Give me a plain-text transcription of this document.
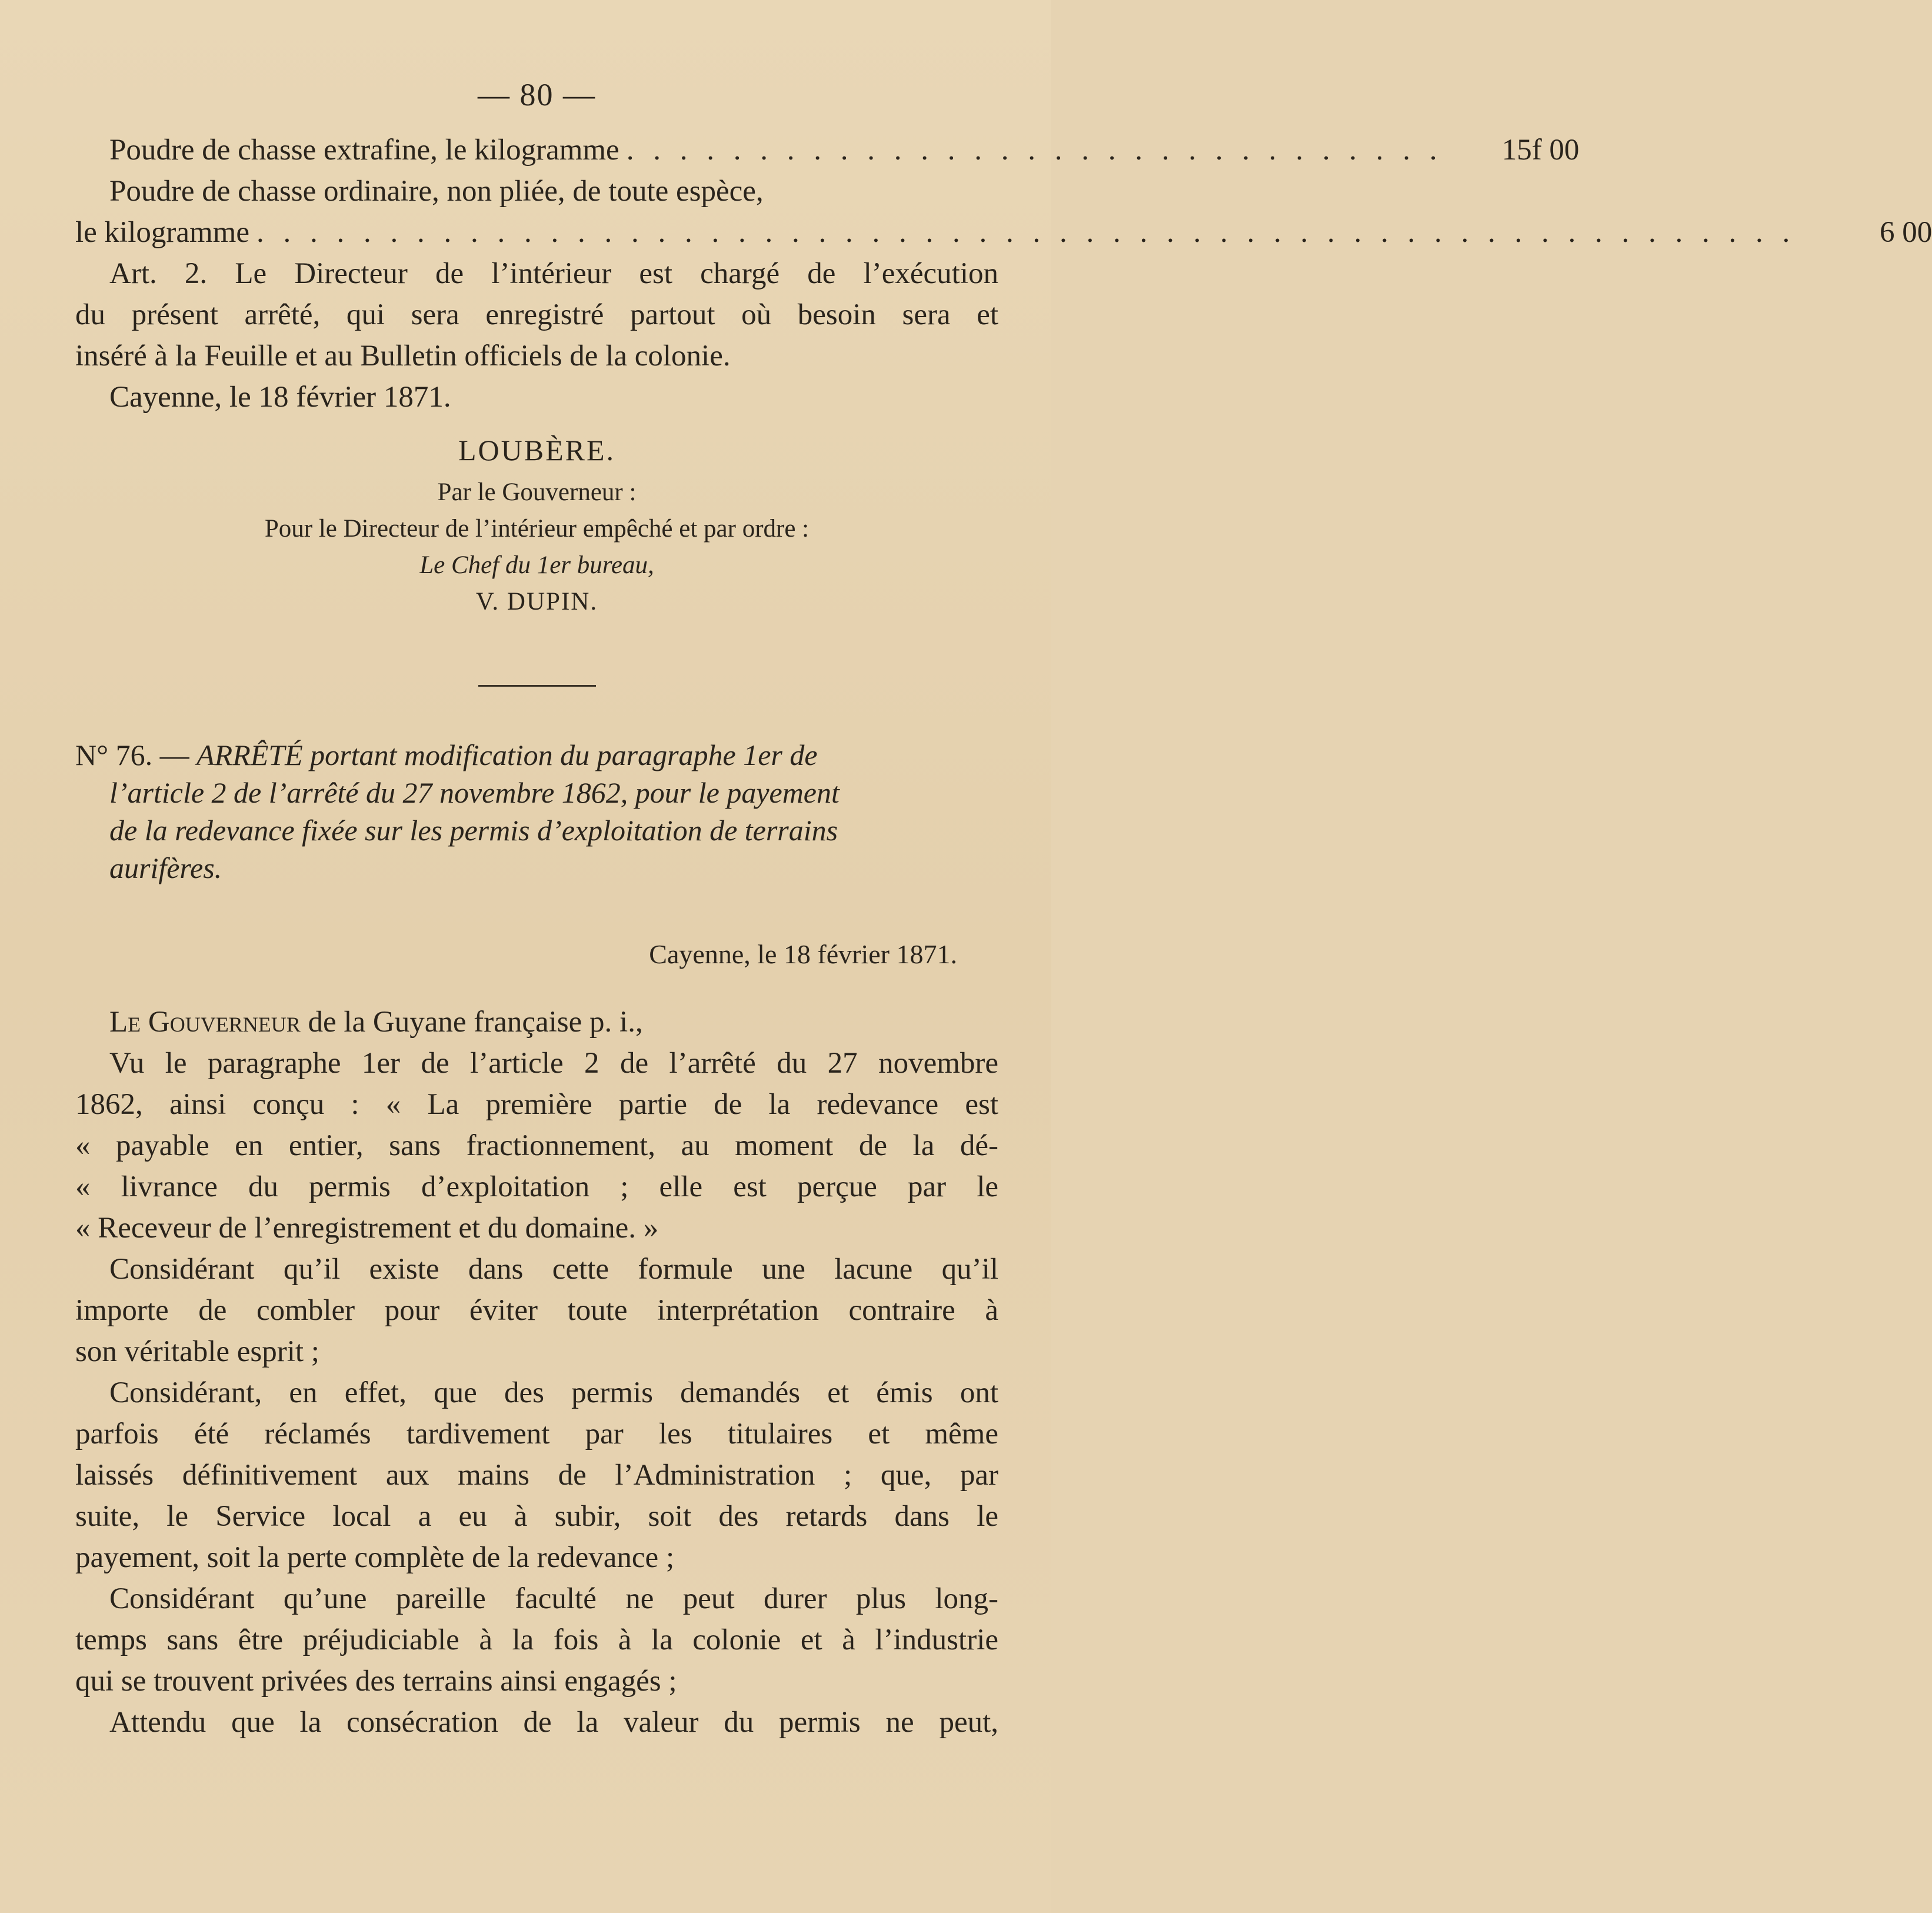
— 80 —
Poudre de chasse extrafine, le kilogramme . . . . . . . . . . . . . . . . . . . . . . . . . . . . . . .	15f 00
Poudre de chasse ordinaire, non pliée, de toute espèce,
le kilogramme . . . . . . . . . . . . . . . . . . . . . . . . . . . . . . . . . . . . . . . . . . . . . . . . . . . . . . . . . .	6 00
Art. 2. Le Directeur de l’intérieur est chargé de l’exécution
du présent arrêté, qui sera enregistré partout où besoin sera et
inséré à la Feuille et au Bulletin officiels de la colonie.
Cayenne, le 18 février 1871.
LOUBÈRE.
Par le Gouverneur :
Pour le Directeur de l’intérieur empêché et par ordre :
Le Chef du 1er bureau,
V. DUPIN.
N° 76. — ARRÊTÉ portant modification du paragraphe 1er de
l’article 2 de l’arrêté du 27 novembre 1862, pour le payement
de la redevance fixée sur les permis d’exploitation de terrains
aurifères.
Cayenne, le 18 février 1871.
Le Gouverneur de la Guyane française p. i.,
Vu le paragraphe 1er de l’article 2 de l’arrêté du 27 novembre
1862, ainsi conçu : « La première partie de la redevance est
« payable en entier, sans fractionnement, au moment de la dé-
« livrance du permis d’exploitation ; elle est perçue par le
« Receveur de l’enregistrement et du domaine. »
Considérant qu’il existe dans cette formule une lacune qu’il
importe de combler pour éviter toute interprétation contraire à
son véritable esprit ;
Considérant, en effet, que des permis demandés et émis ont
parfois été réclamés tardivement par les titulaires et même
laissés définitivement aux mains de l’Administration ; que, par
suite, le Service local a eu à subir, soit des retards dans le
payement, soit la perte complète de la redevance ;
Considérant qu’une pareille faculté ne peut durer plus long-
temps sans être préjudiciable à la fois à la colonie et à l’industrie
qui se trouvent privées des terrains ainsi engagés ;
Attendu que la consécration de la valeur du permis ne peut,
